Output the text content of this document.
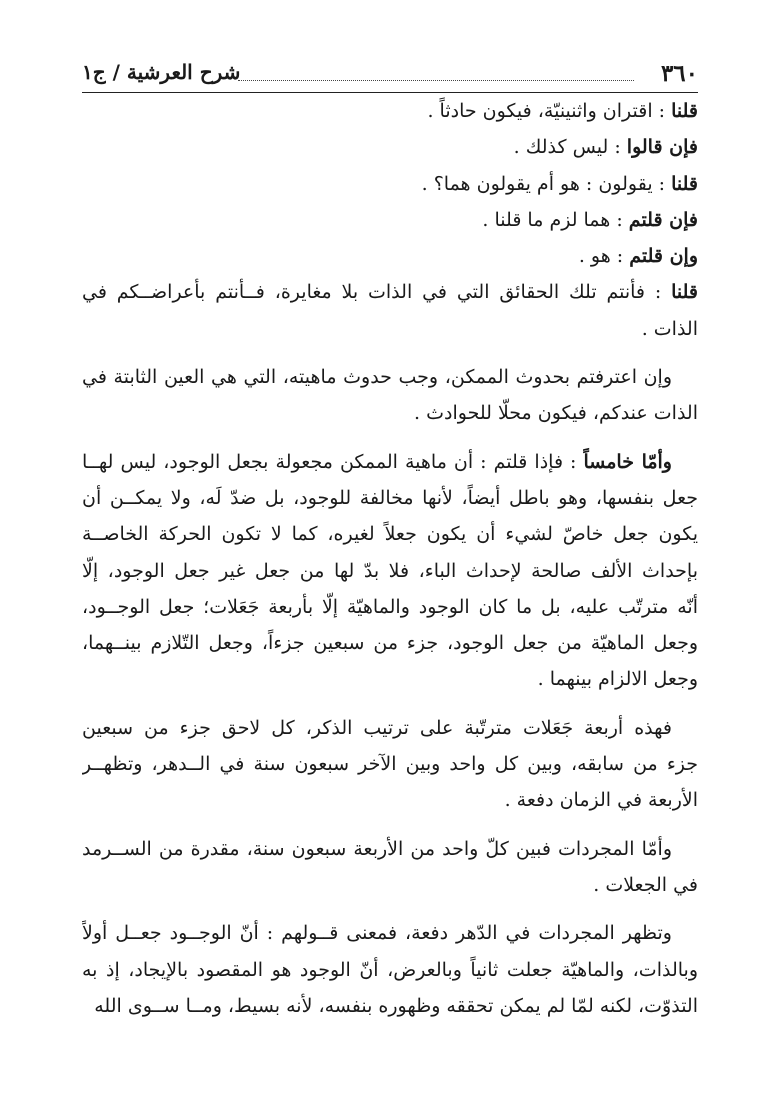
٣٦٠
شرح العرشية / ج١
قلنا : اقتران واثنينيّة، فيكون حادثاً .
فإن قالوا : ليس كذلك .
قلنا : يقولون : هو أم يقولون هما؟ .
فإن قلتم : هما لزم ما قلنا .
وإن قلتم : هو .
قلنا : فأنتم تلك الحقائق التي في الذات بلا مغايرة، فــأنتم بأعراضــكم في
الذات .
وإن اعترفتم بحدوث الممكن، وجب حدوث ماهيته، التي هي العين الثابتة في
الذات عندكم، فيكون محلّا للحوادث .
وأمّا خامساً : فإذا قلتم : أن ماهية الممكن مجعولة بجعل الوجود، ليس لهــا
جعل بنفسها، وهو باطل أيضاً، لأنها مخالفة للوجود، بل ضدّ لَه، ولا يمكــن أن
يكون جعل خاصّ لشيء أن يكون جعلاً لغيره، كما لا تكون الحركة الخاصــة
بإحداث الألف صالحة لإحداث الباء، فلا بدّ لها من جعل غير جعل الوجود، إلّا
أنّه مترتّب عليه، بل ما كان الوجود والماهيّة إلّا بأربعة جَعَلات؛ جعل الوجــود،
وجعل الماهيّة من جعل الوجود، جزء من سبعين جزءاً، وجعل التّلازم بينــهما،
وجعل الالزام بينهما .
فهذه أربعة جَعَلات مترتّبة على ترتيب الذكر، كل لاحق جزء من سبعين
جزء من سابقه، وبين كل واحد وبين الآخر سبعون سنة في الــدهر، وتظهــر
الأربعة في الزمان دفعة .
وأمّا المجردات فبين كلّ واحد من الأربعة سبعون سنة، مقدرة من الســرمد
في الجعلات .
وتظهر المجردات في الدّهر دفعة، فمعنى قــولهم : أنّ الوجــود جعــل أولاً
وبالذات، والماهيّة جعلت ثانياً وبالعرض، أنّ الوجود هو المقصود بالإيجاد، إذ به
التذوّت، لكنه لمّا لم يمكن تحققه وظهوره بنفسه، لأنه بسيط، ومــا ســوى الله
